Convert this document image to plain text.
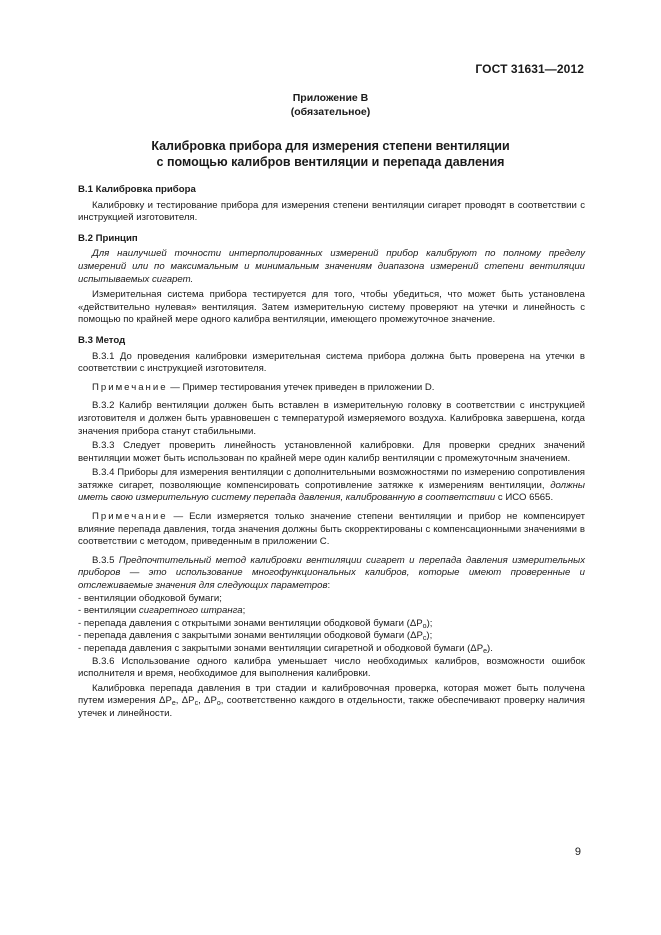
ГОСТ 31631—2012
Приложение В
(обязательное)
Калибровка прибора для измерения степени вентиляции
с помощью калибров вентиляции и перепада давления

В.1 Калибровка прибора

Калибровку и тестирование прибора для измерения степени вентиляции сигарет проводят в соответствии с инструкцией изготовителя.

В.2 Принцип

Для наилучшей точности интерполированных измерений прибор калибруют по полному пределу измерений или по максимальным и минимальным значениям диапазона измерений степени вентиляции испытываемых сигарет.

Измерительная система прибора тестируется для того, чтобы убедиться, что может быть установлена «действительно нулевая» вентиляция. Затем измерительную систему проверяют на утечки и линейность с помощью по крайней мере одного калибра вентиляции, имеющего промежуточное значение.

В.3 Метод

В.3.1 До проведения калибровки измерительная система прибора должна быть проверена на утечки в соответствии с инструкцией изготовителя.

Примечание — Пример тестирования утечек приведен в приложении D.

В.3.2 Калибр вентиляции должен быть вставлен в измерительную головку в соответствии с инструкцией изготовителя и должен быть уравновешен с температурой измеряемого воздуха. Калибровка завершена, когда значения прибора станут стабильными.

В.3.3 Следует проверить линейность установленной калибровки. Для проверки средних значений вентиляции может быть использован по крайней мере один калибр вентиляции с промежуточным значением.

В.3.4 Приборы для измерения вентиляции с дополнительными возможностями по измерению сопротивления затяжке сигарет, позволяющие компенсировать сопротивление затяжке к измерениям вентиляции, должны иметь свою измерительную систему перепада давления, калиброванную в соответствии с ИСО 6565.

Примечание — Если измеряется только значение степени вентиляции и прибор не компенсирует влияние перепада давления, тогда значения должны быть скорректированы с компенсационными значениями в соответствии с методом, приведенным в приложении С.

В.3.5 Предпочтительный метод калибровки вентиляции сигарет и перепада давления измерительных приборов — это использование многофункциональных калибров, которые имеют проверенные и отслеживаемые значения для следующих параметров:

- вентиляции ободковой бумаги;

- вентиляции сигаретного штранга;

- перепада давления с открытыми зонами вентиляции ободковой бумаги $(\Delta P_o)$;

- перепада давления с закрытыми зонами вентиляции ободковой бумаги $(\Delta P_c)$;

- перепада давления с закрытыми зонами вентиляции сигаретной и ободковой бумаги $(\Delta P_e)$.

В.3.6 Использование одного калибра уменьшает число необходимых калибров, возможности ошибок исполнителя и время, необходимое для выполнения калибровки.

Калибровка перепада давления в три стадии и калибровочная проверка, которая может быть получена путем измерения $\Delta P_e$, $\Delta P_c$, $\Delta P_o$, соответственно каждого в отдельности, также обеспечивают проверку наличия утечек и линейности.

9
